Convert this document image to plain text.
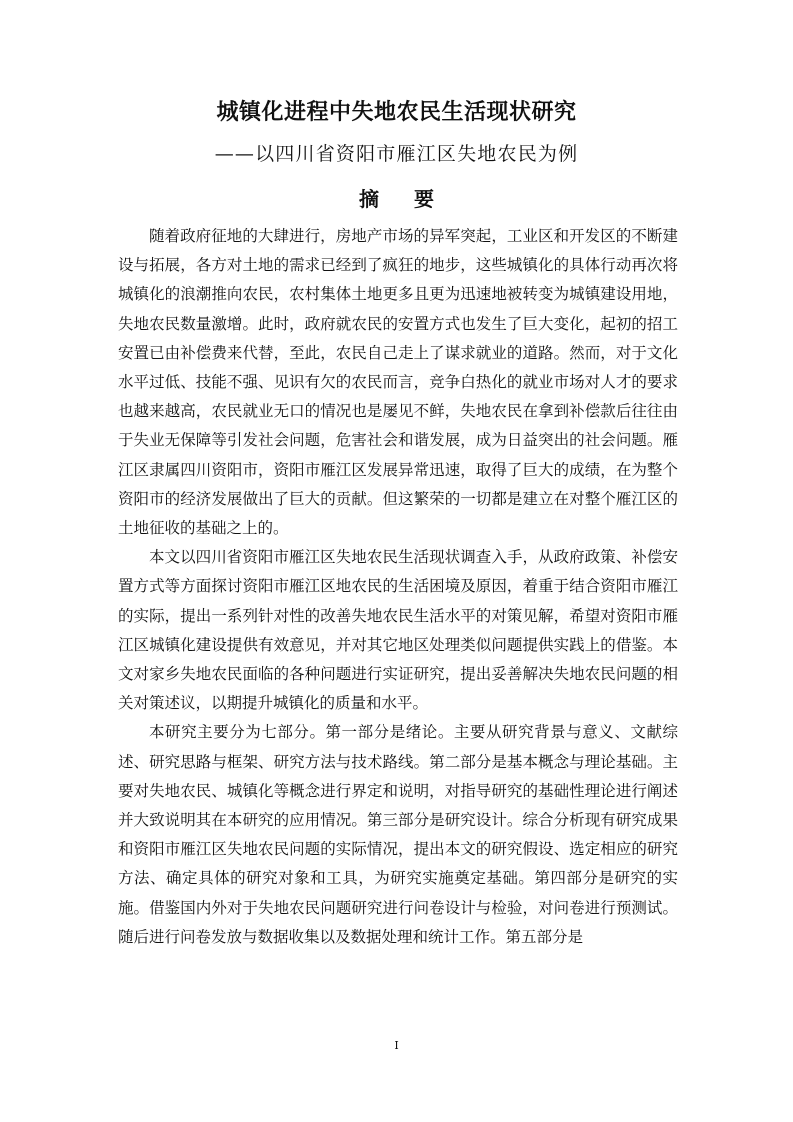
城镇化进程中失地农民生活现状研究
——以四川省资阳市雁江区失地农民为例
摘 要

随着政府征地的大肆进行，房地产市场的异军突起，工业区和开发区的不断建设与拓展，各方对土地的需求已经到了疯狂的地步，这些城镇化的具体行动再次将城镇化的浪潮推向农民，农村集体土地更多且更为迅速地被转变为城镇建设用地，失地农民数量激增。此时，政府就农民的安置方式也发生了巨大变化，起初的招工安置已由补偿费来代替，至此，农民自己走上了谋求就业的道路。然而，对于文化水平过低、技能不强、见识有欠的农民而言，竞争白热化的就业市场对人才的要求也越来越高，农民就业无口的情况也是屡见不鲜，失地农民在拿到补偿款后往往由于失业无保障等引发社会问题，危害社会和谐发展，成为日益突出的社会问题。雁江区隶属四川资阳市，资阳市雁江区发展异常迅速，取得了巨大的成绩，在为整个资阳市的经济发展做出了巨大的贡献。但这繁荣的一切都是建立在对整个雁江区的土地征收的基础之上的。

本文以四川省资阳市雁江区失地农民生活现状调查入手，从政府政策、补偿安置方式等方面探讨资阳市雁江区地农民的生活困境及原因，着重于结合资阳市雁江的实际，提出一系列针对性的改善失地农民生活水平的对策见解，希望对资阳市雁江区城镇化建设提供有效意见，并对其它地区处理类似问题提供实践上的借鉴。本文对家乡失地农民面临的各种问题进行实证研究，提出妥善解决失地农民问题的相关对策述议，以期提升城镇化的质量和水平。

本研究主要分为七部分。第一部分是绪论。主要从研究背景与意义、文献综述、研究思路与框架、研究方法与技术路线。第二部分是基本概念与理论基础。主要对失地农民、城镇化等概念进行界定和说明，对指导研究的基础性理论进行阐述并大致说明其在本研究的应用情况。第三部分是研究设计。综合分析现有研究成果和资阳市雁江区失地农民问题的实际情况，提出本文的研究假设、选定相应的研究方法、确定具体的研究对象和工具，为研究实施奠定基础。第四部分是研究的实施。借鉴国内外对于失地农民问题研究进行问卷设计与检验，对问卷进行预测试。随后进行问卷发放与数据收集以及数据处理和统计工作。第五部分是

I
